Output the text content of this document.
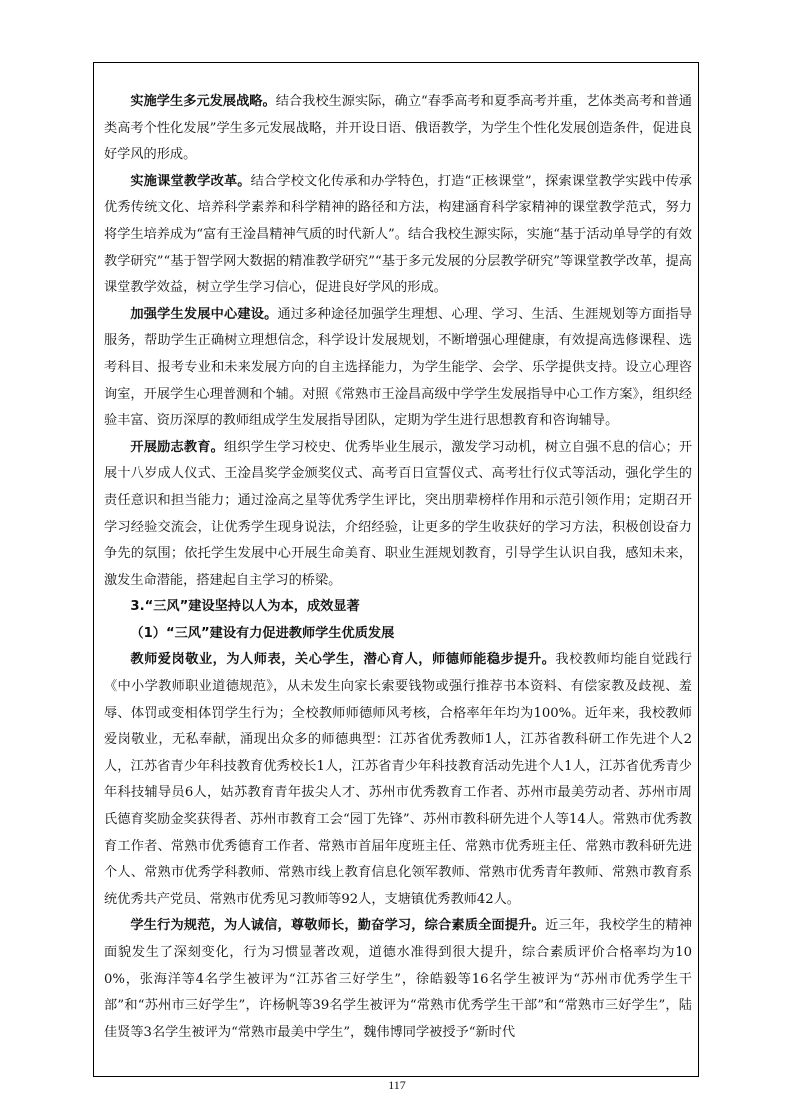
实施学生多元发展战略。结合我校生源实际，确立“春季高考和夏季高考并重，艺体类高考和普通类高考个性化发展”学生多元发展战略，并开设日语、俄语教学，为学生个性化发展创造条件，促进良好学风的形成。

实施课堂教学改革。结合学校文化传承和办学特色，打造“正核课堂”，探索课堂教学实践中传承优秀传统文化、培养科学素养和科学精神的路径和方法，构建涵育科学家精神的课堂教学范式，努力将学生培养成为“富有王淦昌精神气质的时代新人”。结合我校生源实际，实施“基于活动单导学的有效教学研究”“基于智学网大数据的精准教学研究”“基于多元发展的分层教学研究”等课堂教学改革，提高课堂教学效益，树立学生学习信心，促进良好学风的形成。

加强学生发展中心建设。通过多种途径加强学生理想、心理、学习、生活、生涯规划等方面指导服务，帮助学生正确树立理想信念，科学设计发展规划，不断增强心理健康，有效提高选修课程、选考科目、报考专业和未来发展方向的自主选择能力，为学生能学、会学、乐学提供支持。设立心理咨询室，开展学生心理普测和个辅。对照《常熟市王淦昌高级中学学生发展指导中心工作方案》，组织经验丰富、资历深厚的教师组成学生发展指导团队，定期为学生进行思想教育和咨询辅导。

开展励志教育。组织学生学习校史、优秀毕业生展示，激发学习动机，树立自强不息的信心；开展十八岁成人仪式、王淦昌奖学金颁奖仪式、高考百日宣誓仪式、高考壮行仪式等活动，强化学生的责任意识和担当能力；通过淦高之星等优秀学生评比，突出朋辈榜样作用和示范引领作用；定期召开学习经验交流会，让优秀学生现身说法，介绍经验，让更多的学生收获好的学习方法，积极创设奋力争先的氛围；依托学生发展中心开展生命美育、职业生涯规划教育，引导学生认识自我，感知未来，激发生命潜能，搭建起自主学习的桥梁。

3.“三风”建设坚持以人为本，成效显著

（1）“三风”建设有力促进教师学生优质发展

教师爱岗敬业，为人师表，关心学生，潜心育人，师德师能稳步提升。我校教师均能自觉践行《中小学教师职业道德规范》，从未发生向家长索要钱物或强行推荐书本资料、有偿家教及歧视、羞辱、体罚或变相体罚学生行为；全校教师师德师风考核，合格率年年均为100%。近年来，我校教师爱岗敬业，无私奉献，涌现出众多的师德典型：江苏省优秀教师1人，江苏省教科研工作先进个人2人，江苏省青少年科技教育优秀校长1人，江苏省青少年科技教育活动先进个人1人，江苏省优秀青少年科技辅导员6人，姑苏教育青年拔尖人才、苏州市优秀教育工作者、苏州市最美劳动者、苏州市周氏德育奖励金奖获得者、苏州市教育工会“园丁先锋”、苏州市教科研先进个人等14人。常熟市优秀教育工作者、常熟市优秀德育工作者、常熟市首届年度班主任、常熟市优秀班主任、常熟市教科研先进个人、常熟市优秀学科教师、常熟市线上教育信息化领军教师、常熟市优秀青年教师、常熟市教育系统优秀共产党员、常熟市优秀见习教师等92人，支塘镇优秀教师42人。

学生行为规范，为人诚信，尊敬师长，勤奋学习，综合素质全面提升。近三年，我校学生的精神面貌发生了深刻变化，行为习惯显著改观，道德水准得到很大提升，综合素质评价合格率均为100%，张海洋等4名学生被评为“江苏省三好学生”，徐皓毅等16名学生被评为“苏州市优秀学生干部”和“苏州市三好学生”，许杨帆等39名学生被评为“常熟市优秀学生干部”和“常熟市三好学生”，陆佳贤等3名学生被评为“常熟市最美中学生”，魏伟博同学被授予“新时代

117
